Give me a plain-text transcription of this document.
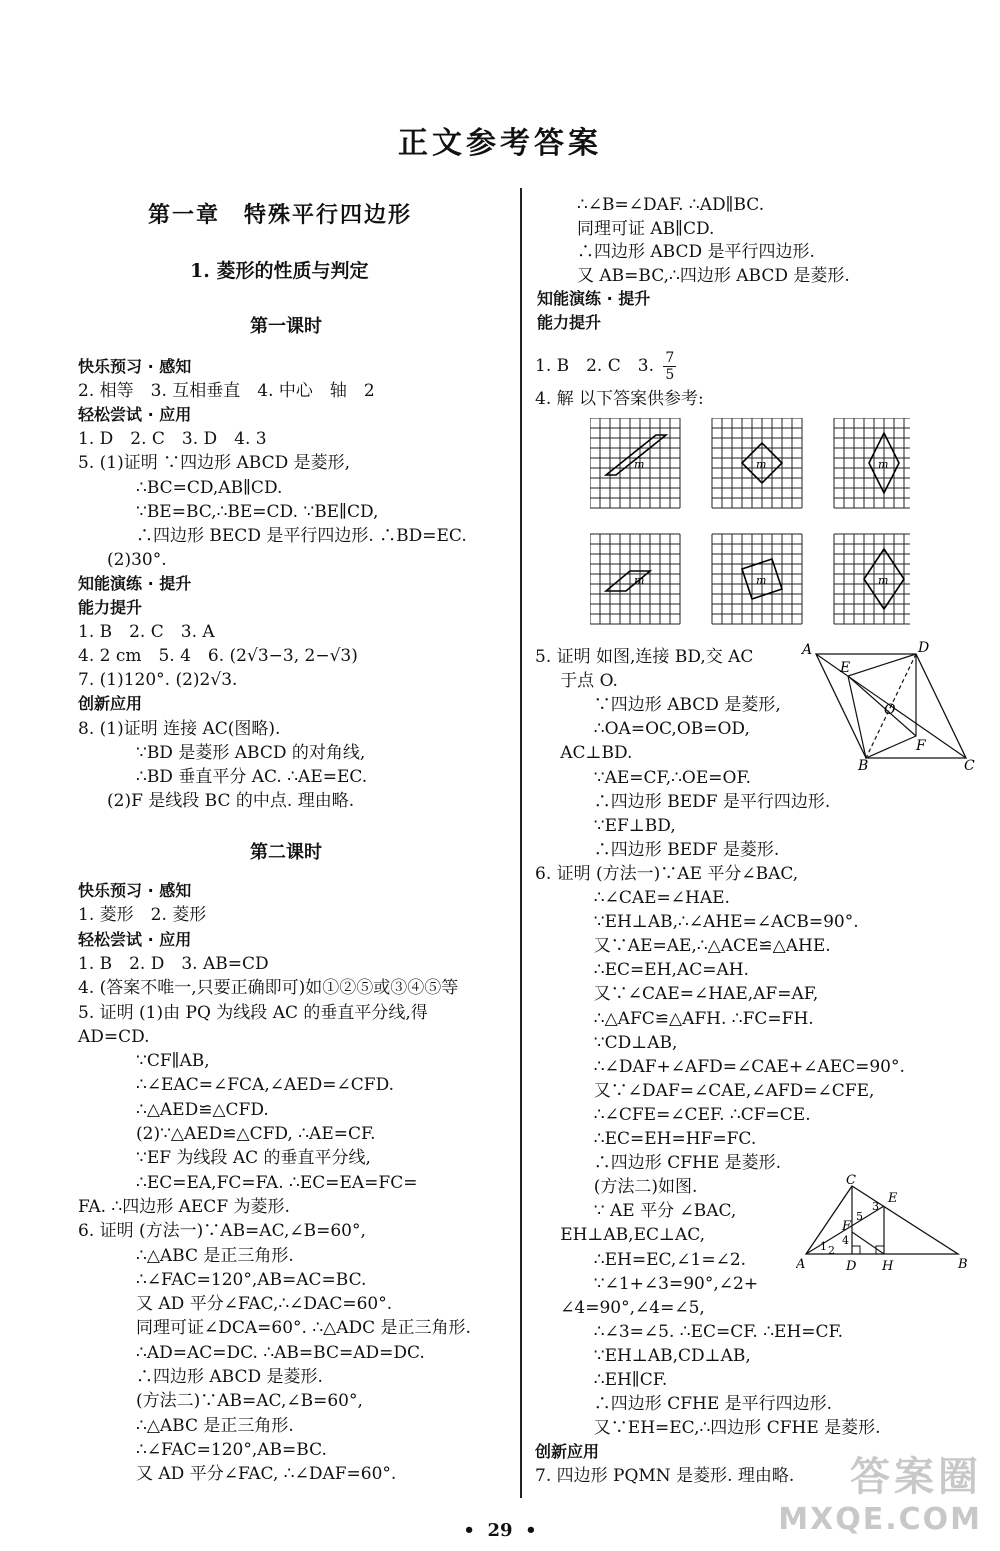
正文参考答案
第一章　特殊平行四边形
1. 菱形的性质与判定
第一课时
快乐预习 · 感知
2. 相等　3. 互相垂直　4. 中心　轴　2
轻松尝试 · 应用
1. D　2. C　3. D　4. 3
5. (1)证明 ∵四边形 ABCD 是菱形,
∴BC=CD,AB∥CD.
∵BE=BC,∴BE=CD. ∵BE∥CD,
∴四边形 BECD 是平行四边形. ∴BD=EC.
(2)30°.
知能演练 · 提升
能力提升
1. B　2. C　3. A
4. 2 cm　5. 4　6. (2√3−3, 2−√3)
7. (1)120°. (2)2√3.
创新应用
8. (1)证明 连接 AC(图略).
∵BD 是菱形 ABCD 的对角线,
∴BD 垂直平分 AC. ∴AE=EC.
(2)F 是线段 BC 的中点. 理由略.
第二课时
快乐预习 · 感知
1. 菱形　2. 菱形
轻松尝试 · 应用
1. B　2. D　3. AB=CD
4. (答案不唯一,只要正确即可)如①②⑤或③④⑤等
5. 证明 (1)由 PQ 为线段 AC 的垂直平分线,得
AD=CD.
∵CF∥AB,
∴∠EAC=∠FCA,∠AED=∠CFD.
∴△AED≌△CFD.
(2)∵△AED≌△CFD, ∴AE=CF.
∵EF 为线段 AC 的垂直平分线,
∴EC=EA,FC=FA. ∴EC=EA=FC=
FA. ∴四边形 AECF 为菱形.
6. 证明 (方法一)∵AB=AC,∠B=60°,
∴△ABC 是正三角形.
∴∠FAC=120°,AB=AC=BC.
又 AD 平分∠FAC,∴∠DAC=60°.
同理可证∠DCA=60°. ∴△ADC 是正三角形.
∴AD=AC=DC. ∴AB=BC=AD=DC.
∴四边形 ABCD 是菱形.
(方法二)∵AB=AC,∠B=60°,
∴△ABC 是正三角形.
∴∠FAC=120°,AB=BC.
又 AD 平分∠FAC, ∴∠DAF=60°.
∴∠B=∠DAF. ∴AD∥BC.
同理可证 AB∥CD.
∴四边形 ABCD 是平行四边形.
又 AB=BC,∴四边形 ABCD 是菱形.
知能演练 · 提升
能力提升
1. B　2. C　3. $\frac{7}{5}$
4. 解 以下答案供参考:
m	m	m
m	m	m
5. 证明 如图,连接 BD,交 AC
于点 O.
∵四边形 ABCD 是菱形,
∴OA=OC,OB=OD,
AC⊥BD.
∵AE=CF,∴OE=OF.
∴四边形 BEDF 是平行四边形.
∵EF⊥BD,
∴四边形 BEDF 是菱形.
6. 证明 (方法一)∵AE 平分∠BAC,
∴∠CAE=∠HAE.
∵EH⊥AB,∴∠AHE=∠ACB=90°.
又∵AE=AE,∴△ACE≌△AHE.
∴EC=EH,AC=AH.
又∵∠CAE=∠HAE,AF=AF,
∴△AFC≌△AFH. ∴FC=FH.
∵CD⊥AB,
∴∠DAF+∠AFD=∠CAE+∠AEC=90°.
又∵∠DAF=∠CAE,∠AFD=∠CFE,
∴∠CFE=∠CEF. ∴CF=CE.
∴EC=EH=HF=FC.
∴四边形 CFHE 是菱形.
(方法二)如图.
∵ AE 平分 ∠BAC,
EH⊥AB,EC⊥AC,
∴EH=EC,∠1=∠2.
∵∠1+∠3=90°,∠2+
∠4=90°,∠4=∠5,
∴∠3=∠5. ∴EC=CF. ∴EH=CF.
∵EH⊥AB,CD⊥AB,
∴EH∥CF.
∴四边形 CFHE 是平行四边形.
又∵EH=EC,∴四边形 CFHE 是菱形.
创新应用
7. 四边形 PQMN 是菱形. 理由略.
A	D
E
O
F
B	C
C
E
F
A	D H	B
1 2
3
4
5
•  29  •
答案圈
MXQE.COM
